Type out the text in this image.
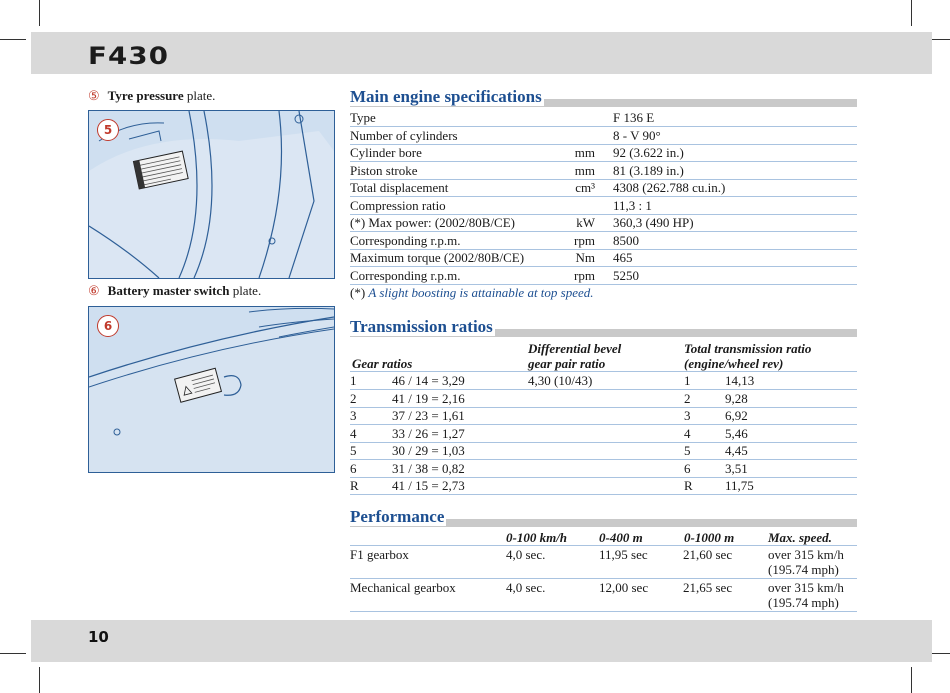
F430
10
⑤ Tyre pressure plate.
5
⑥ Battery master switch plate.
6
Main engine specifications
Type	F 136 E
Number of cylinders	8 - V 90°
Cylinder bore	mm 92 (3.622 in.)
Piston stroke	mm 81 (3.189 in.)
Total displacement	cm³ 4308 (262.788 cu.in.)
Compression ratio	11,3 : 1
(*) Max power: (2002/80B/CE)	kW 360,3 (490 HP)
Corresponding r.p.m.	rpm 8500
Maximum torque (2002/80B/CE)	Nm 465
Corresponding r.p.m.	rpm 5250
(*) A slight boosting is attainable at top speed.
Transmission ratios
Differential bevel
gear pair ratio
Total transmission ratio
(engine/wheel rev)
Gear ratios
4,30 (10/43)
1	46 / 14 = 3,29	1	14,13
2	41 / 19 = 2,16	2	9,28
3	37 / 23 = 1,61	3	6,92
4	33 / 26 = 1,27	4	5,46
5	30 / 29 = 1,03	5	4,45
6	31 / 38 = 0,82	6	3,51
R	41 / 15 = 2,73	R 11,75
Performance
0-100 km/h 0-400 m	0-1000 m	Max. speed.
F1 gearbox	4,0 sec.	11,95 sec	21,60 sec	over 315 km/h
(195.74 mph)
Mechanical gearbox	4,0 sec.	12,00 sec	21,65 sec	over 315 km/h
(195.74 mph)
